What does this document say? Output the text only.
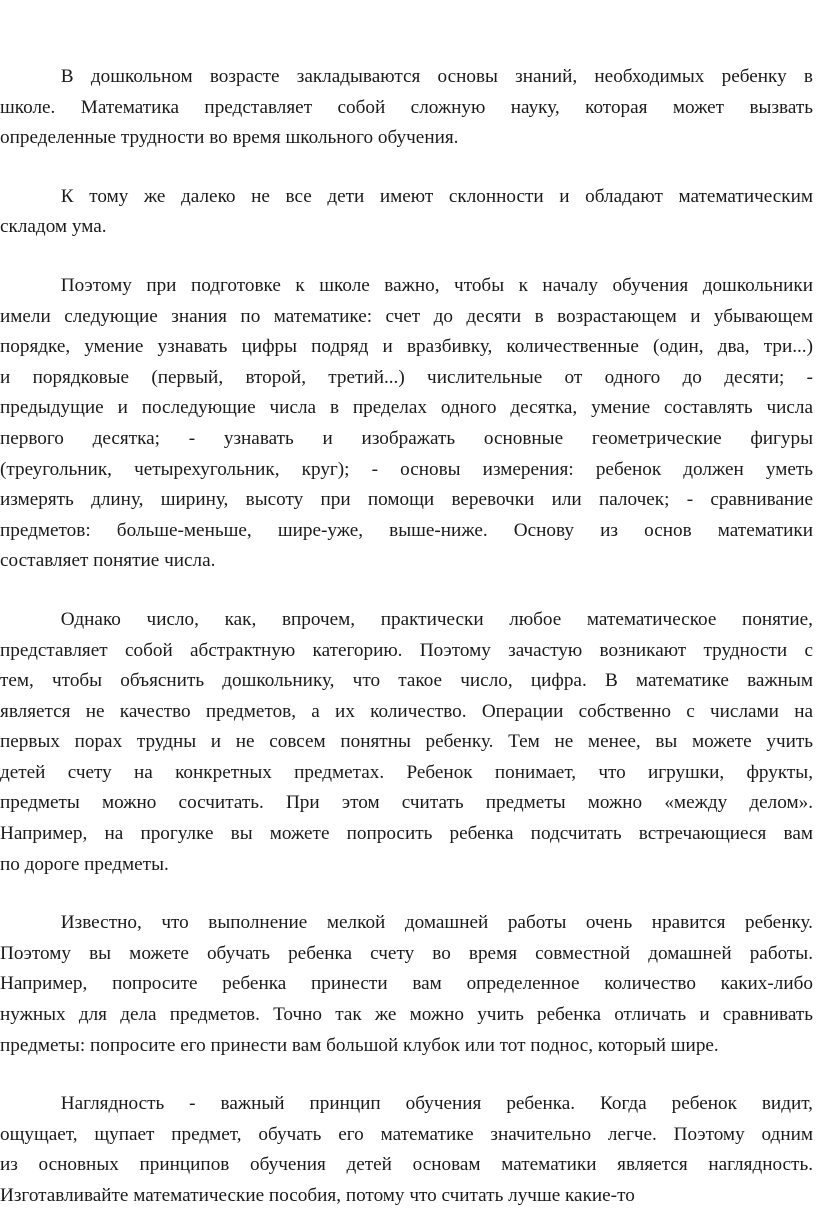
В дошкольном возрасте закладываются основы знаний, необходимых ребенку в
школе. Математика представляет собой сложную науку, которая может вызвать
определенные трудности во время школьного обучения.

К тому же далеко не все дети имеют склонности и обладают математическим
складом ума.

Поэтому при подготовке к школе важно, чтобы к началу обучения дошкольники
имели следующие знания по математике: счет до десяти в возрастающем и убывающем
порядке, умение узнавать цифры подряд и вразбивку, количественные (один, два, три...)
и порядковые (первый, второй, третий...) числительные от одного до десяти; -
предыдущие и последующие числа в пределах одного десятка, умение составлять числа
первого десятка; - узнавать и изображать основные геометрические фигуры
(треугольник, четырехугольник, круг); - основы измерения: ребенок должен уметь
измерять длину, ширину, высоту при помощи веревочки или палочек; - сравнивание
предметов: больше-меньше, шире-уже, выше-ниже. Основу из основ математики
составляет понятие числа.

Однако число, как, впрочем, практически любое математическое понятие,
представляет собой абстрактную категорию. Поэтому зачастую возникают трудности с
тем, чтобы объяснить дошкольнику, что такое число, цифра. В математике важным
является не качество предметов, а их количество. Операции собственно с числами на
первых порах трудны и не совсем понятны ребенку. Тем не менее, вы можете учить
детей счету на конкретных предметах. Ребенок понимает, что игрушки, фрукты,
предметы можно сосчитать. При этом считать предметы можно «между делом».
Например, на прогулке вы можете попросить ребенка подсчитать встречающиеся вам
по дороге предметы.

Известно, что выполнение мелкой домашней работы очень нравится ребенку.
Поэтому вы можете обучать ребенка счету во время совместной домашней работы.
Например, попросите ребенка принести вам определенное количество каких-либо
нужных для дела предметов. Точно так же можно учить ребенка отличать и сравнивать
предметы: попросите его принести вам большой клубок или тот поднос, который шире.

Наглядность - важный принцип обучения ребенка. Когда ребенок видит,
ощущает, щупает предмет, обучать его математике значительно легче. Поэтому одним
из основных принципов обучения детей основам математики является наглядность.
Изготавливайте математические пособия, потому что считать лучше какие-то
